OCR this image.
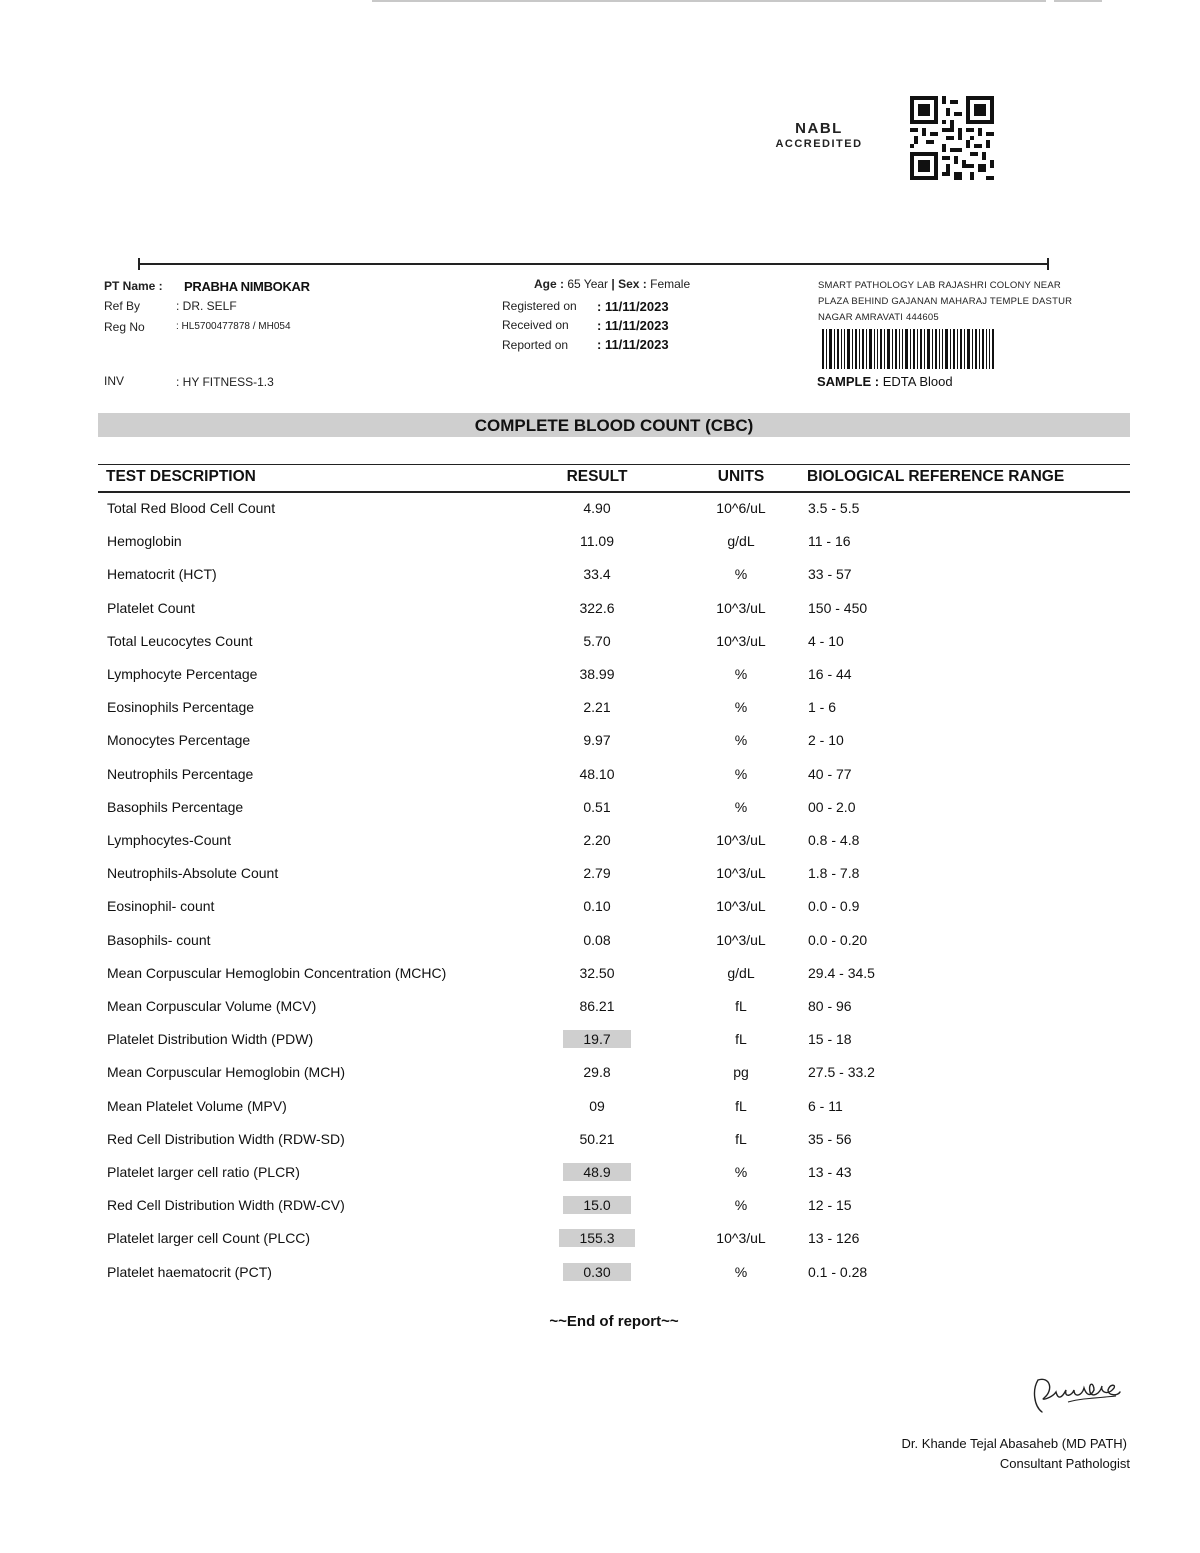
NABL
ACCREDITED
PT Name : PRABHA NIMBOKAR
Ref By	: DR. SELF
Reg No	: HL5700477878 / MH054
INV	: HY FITNESS-1.3
Age : 65 Year | Sex : Female
Registered on : 11/11/2023
Received on : 11/11/2023
Reported on : 11/11/2023
SMART PATHOLOGY LAB RAJASHRI COLONY NEAR
PLAZA BEHIND GAJANAN MAHARAJ TEMPLE DASTUR
NAGAR AMRAVATI 444605
SAMPLE : EDTA Blood
COMPLETE BLOOD COUNT (CBC)
TEST DESCRIPTION	RESULT	UNITS	BIOLOGICAL REFERENCE RANGE
Total Red Blood Cell Count	4.90	10^6/uL	3.5 - 5.5
Hemoglobin	11.09	g/dL	11 - 16
Hematocrit (HCT)	33.4	%	33 - 57
Platelet Count	322.6	10^3/uL	150 - 450
Total Leucocytes Count	5.70	10^3/uL	4 - 10
Lymphocyte Percentage	38.99	%	16 - 44
Eosinophils Percentage	2.21	%	1 - 6
Monocytes Percentage	9.97	%	2 - 10
Neutrophils Percentage	48.10	%	40 - 77
Basophils Percentage	0.51	%	00 - 2.0
Lymphocytes-Count	2.20	10^3/uL	0.8 - 4.8
Neutrophils-Absolute Count	2.79	10^3/uL	1.8 - 7.8
Eosinophil- count	0.10	10^3/uL	0.0 - 0.9
Basophils- count	0.08	10^3/uL	0.0 - 0.20
Mean Corpuscular Hemoglobin Concentration (MCHC)	32.50	g/dL	29.4 - 34.5
Mean Corpuscular Volume (MCV)	86.21	fL	80 - 96
Platelet Distribution Width (PDW)	19.7	fL	15 - 18
Mean Corpuscular Hemoglobin (MCH)	29.8	pg	27.5 - 33.2
Mean Platelet Volume (MPV)	09	fL	6 - 11
Red Cell Distribution Width (RDW-SD)	50.21	fL	35 - 56
Platelet larger cell ratio (PLCR)	48.9	%	13 - 43
Red Cell Distribution Width (RDW-CV)	15.0	%	12 - 15
Platelet larger cell Count (PLCC)	155.3	10^3/uL	13 - 126
Platelet haematocrit (PCT)	0.30	%	0.1 - 0.28
~~End of report~~
Dr. Khande Tejal Abasaheb (MD PATH)
Consultant Pathologist
